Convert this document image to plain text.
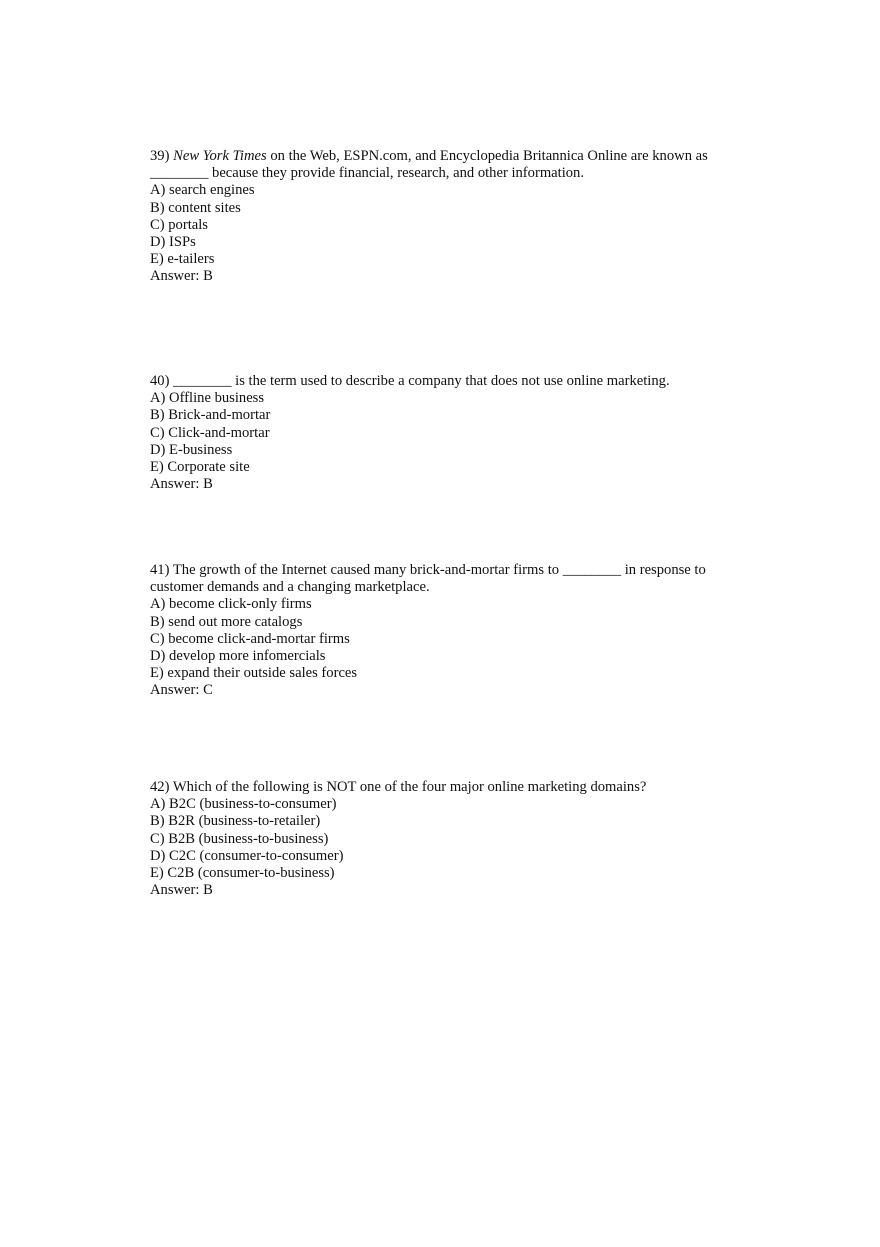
39) New York Times on the Web, ESPN.com, and Encyclopedia Britannica Online are known as ________ because they provide financial, research, and other information.

A) search engines
B) content sites
C) portals
D) ISPs
E) e-tailers

Answer: B

40) ________ is the term used to describe a company that does not use online marketing.

A) Offline business
B) Brick-and-mortar
C) Click-and-mortar
D) E-business
E) Corporate site

Answer: B

41) The growth of the Internet caused many brick-and-mortar firms to ________ in response to customer demands and a changing marketplace.

A) become click-only firms
B) send out more catalogs
C) become click-and-mortar firms
D) develop more infomercials
E) expand their outside sales forces

Answer: C

42) Which of the following is NOT one of the four major online marketing domains?

A) B2C (business-to-consumer)
B) B2R (business-to-retailer)
C) B2B (business-to-business)
D) C2C (consumer-to-consumer)
E) C2B (consumer-to-business)

Answer: B
